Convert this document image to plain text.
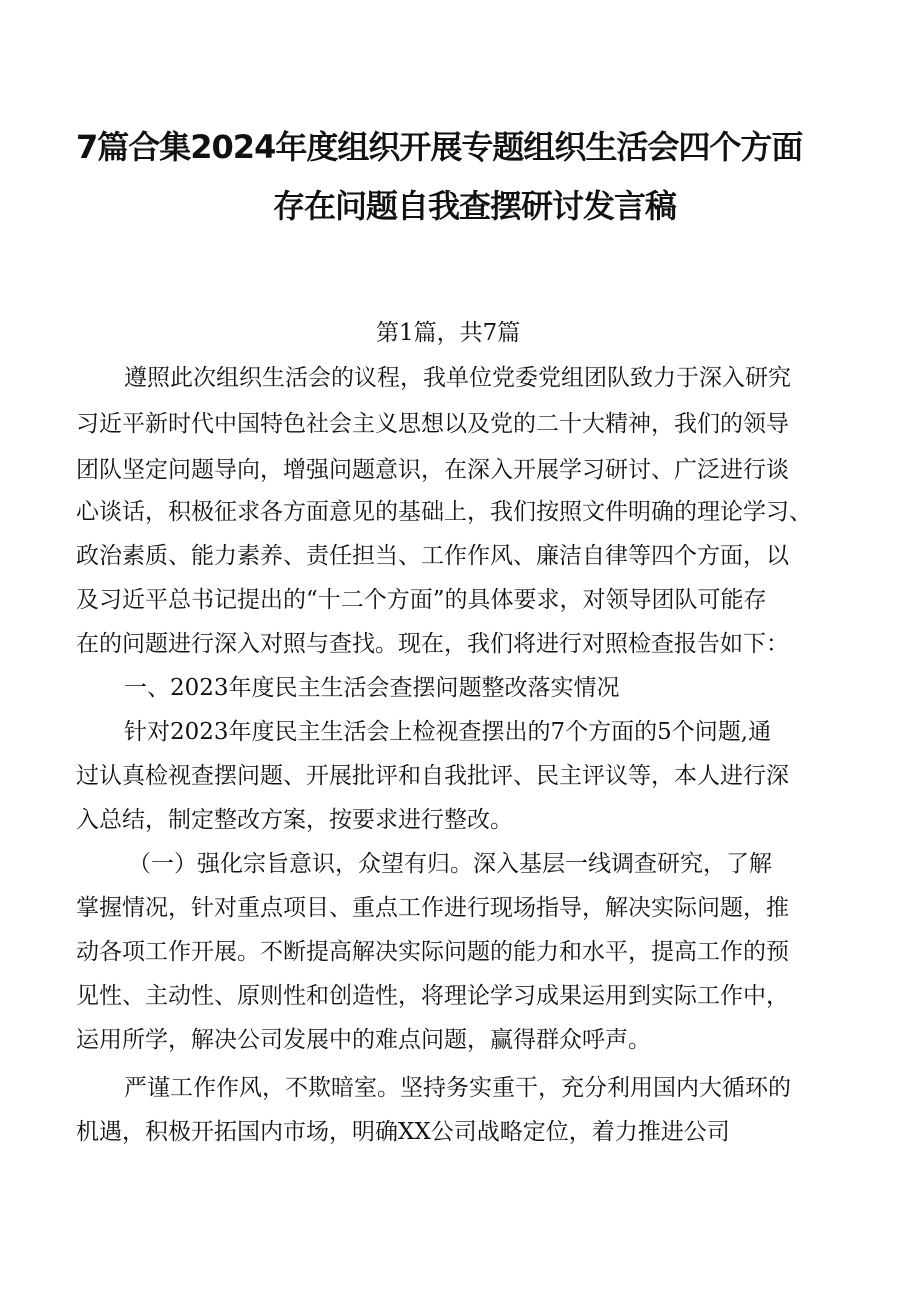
7篇合集2024年度组织开展专题组织生活会四个方面
存在问题自我查摆研讨发言稿
第1篇，共7篇
遵照此次组织生活会的议程，我单位党委党组团队致力于深入研究
习近平新时代中国特色社会主义思想以及党的二十大精神，我们的领导
团队坚定问题导向，增强问题意识，在深入开展学习研讨、广泛进行谈
心谈话，积极征求各方面意见的基础上，我们按照文件明确的理论学习、
政治素质、能力素养、责任担当、工作作风、廉洁自律等四个方面，以
及习近平总书记提出的“十二个方面”的具体要求，对领导团队可能存
在的问题进行深入对照与查找。现在，我们将进行对照检查报告如下：
一、2023年度民主生活会查摆问题整改落实情况
针对2023年度民主生活会上检视查摆出的7个方面的5个问题,通
过认真检视查摆问题、开展批评和自我批评、民主评议等，本人进行深
入总结，制定整改方案，按要求进行整改。
（一）强化宗旨意识，众望有归。深入基层一线调查研究，了解
掌握情况，针对重点项目、重点工作进行现场指导，解决实际问题，推
动各项工作开展。不断提高解决实际问题的能力和水平，提高工作的预
见性、主动性、原则性和创造性，将理论学习成果运用到实际工作中，
运用所学，解决公司发展中的难点问题，赢得群众呼声。
严谨工作作风，不欺暗室。坚持务实重干，充分利用国内大循环的
机遇，积极开拓国内市场，明确XX公司战略定位，着力推进公司
